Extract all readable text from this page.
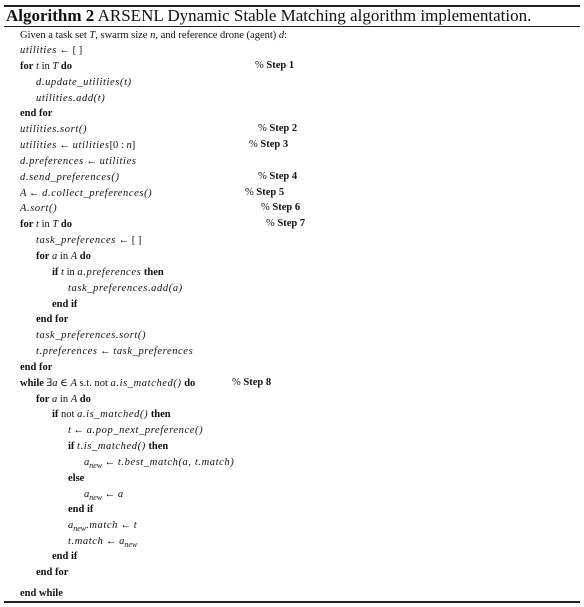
Algorithm 2 ARSENL Dynamic Stable Matching algorithm implementation.
Given a task set T, swarm size n, and reference drone (agent) d:
utilities ← [ ]
for t in T do	% Step 1
d.update_utilities(t)
utilities.add(t)
end for
utilities.sort()	% Step 2
utilities ← utilities[0 : n]	% Step 3
d.preferences ← utilities
d.send_preferences()	% Step 4
A ← d.collect_preferences()	% Step 5
A.sort()	% Step 6
for t in T do	% Step 7
task_preferences ← [ ]
for a in A do
if t in a.preferences then
task_preferences.add(a)
end if
end for
task_preferences.sort()
t.preferences ← task_preferences
end for
while ∃a ∈ A s.t. not a.is_matched() do	% Step 8
for a in A do
if not a.is_matched() then
t ← a.pop_next_preference()
if t.is_matched() then
$a_{new}$ ← t.best_match(a, t.match)
else
$a_{new}$ ← a
end if
$a_{new}.match$ ← t
t.match ← $a_{new}$
end if
end for
end while
